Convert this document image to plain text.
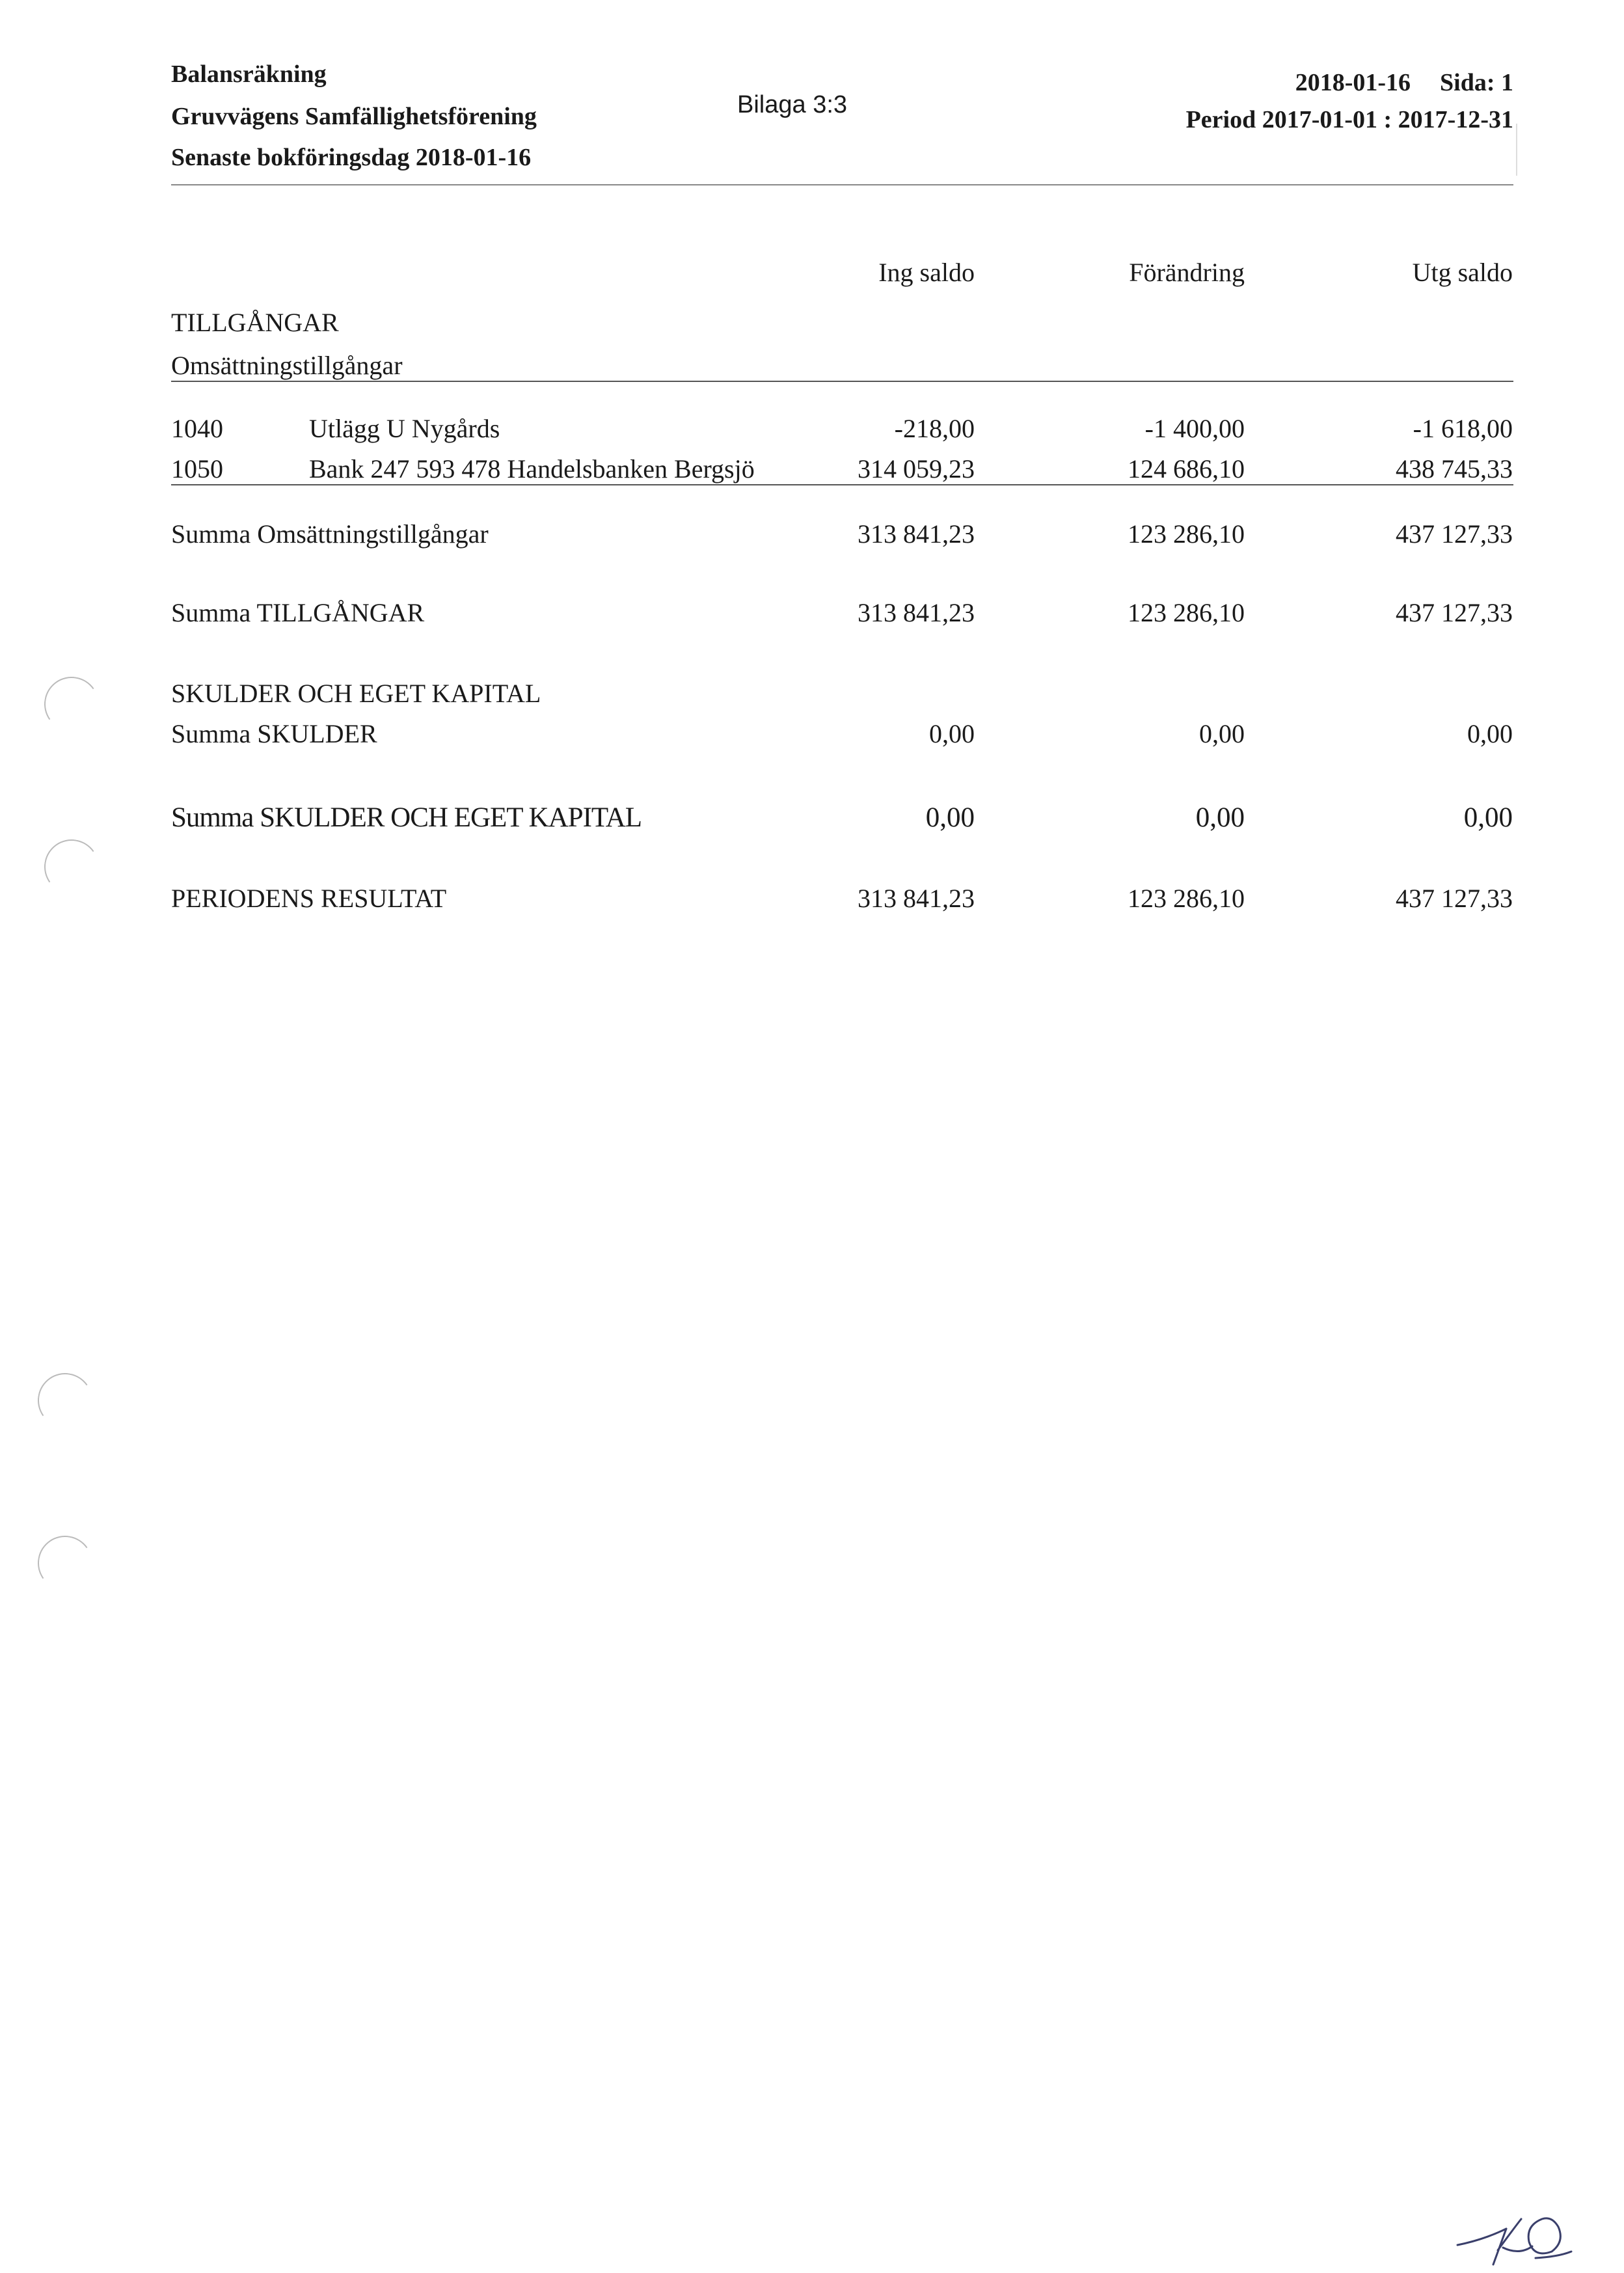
Balansräkning
Gruvvägens Samfällighetsförening
Senaste bokföringsdag 2018-01-16
Bilaga 3:3
2018-01-16 Sida: 1
Period 2017-01-01 : 2017-12-31
Ing saldo	Förändring	Utg saldo
TILLGÅNGAR
Omsättningstillgångar
1040	Utlägg U Nygårds	-218,00	-1 400,00	-1 618,00
1050	Bank 247 593 478 Handelsbanken Bergsjö	314 059,23	124 686,10	438 745,33
Summa Omsättningstillgångar	313 841,23	123 286,10	437 127,33
Summa TILLGÅNGAR	313 841,23	123 286,10	437 127,33
SKULDER OCH EGET KAPITAL
Summa SKULDER	0,00	0,00	0,00
Summa SKULDER OCH EGET KAPITAL	0,00	0,00	0,00
PERIODENS RESULTAT	313 841,23	123 286,10	437 127,33
